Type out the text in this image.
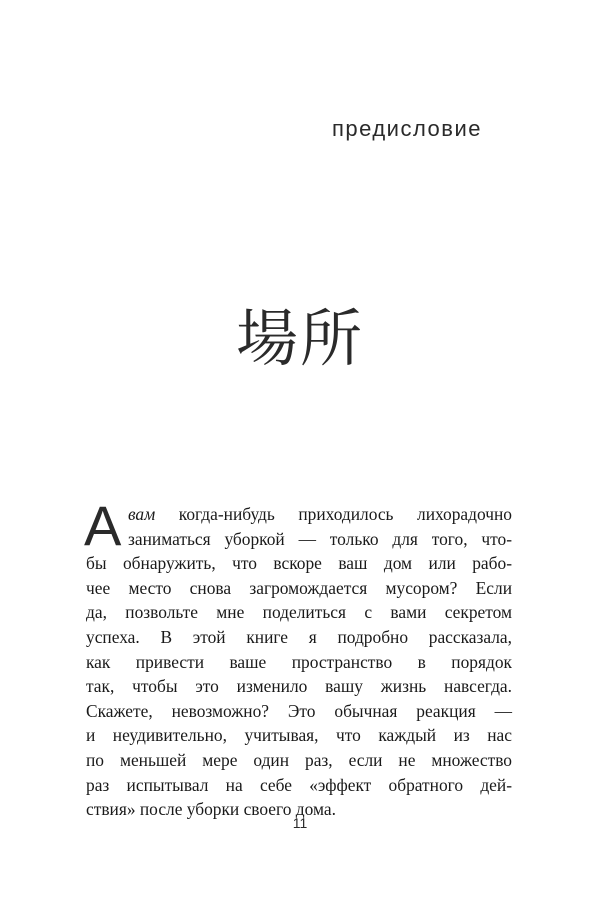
предисловие
場所
А вам когда-нибудь приходилось лихорадочно
заниматься уборкой — только для того, что-
бы обнаружить, что вскоре ваш дом или рабо-
чее место снова загромождается мусором? Если
да, позвольте мне поделиться с вами секретом
успеха. В этой книге я подробно рассказала,
как привести ваше пространство в порядок
так, чтобы это изменило вашу жизнь навсегда.
Скажете, невозможно? Это обычная реакция —
и неудивительно, учитывая, что каждый из нас
по меньшей мере один раз, если не множество
раз испытывал на себе «эффект обратного дей-
ствия» после уборки своего дома.
11
